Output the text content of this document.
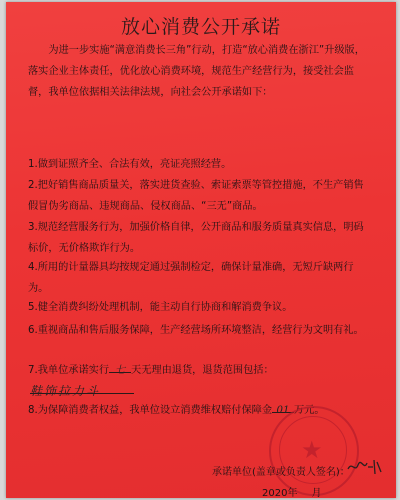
放心消费公开承诺
为进一步实施“满意消费长三角”行动，打造“放心消费在浙江”升级版，落实企业主体责任，优化放心消费环境，规范生产经营行为，接受社会监督，我单位依据相关法律法规，向社会公开承诺如下：
1.做到证照齐全、合法有效，亮证亮照经营。
2.把好销售商品质量关，落实进货查验、索证索票等管控措施，不生产销售假冒伪劣商品、违规商品、侵权商品、“三无”商品。
3.规范经营服务行为，加强价格自律，公开商品和服务质量真实信息，明码标价，无价格欺诈行为。
4.所用的计量器具均按规定通过强制检定，确保计量准确，无短斤缺两行为。
5.健全消费纠纷处理机制，能主动自行协商和解消费争议。
6.重视商品和售后服务保障，生产经营场所环境整洁，经营行为文明有礼。
7.我单位承诺实行 七 天无理由退货，退货范围包括：鞋饰拉力斗
8.为保障消费者权益，我单位设立消费维权赔付保障金 01 万元。
★
承诺单位(盖章或负责人签名)：
2020年 月
